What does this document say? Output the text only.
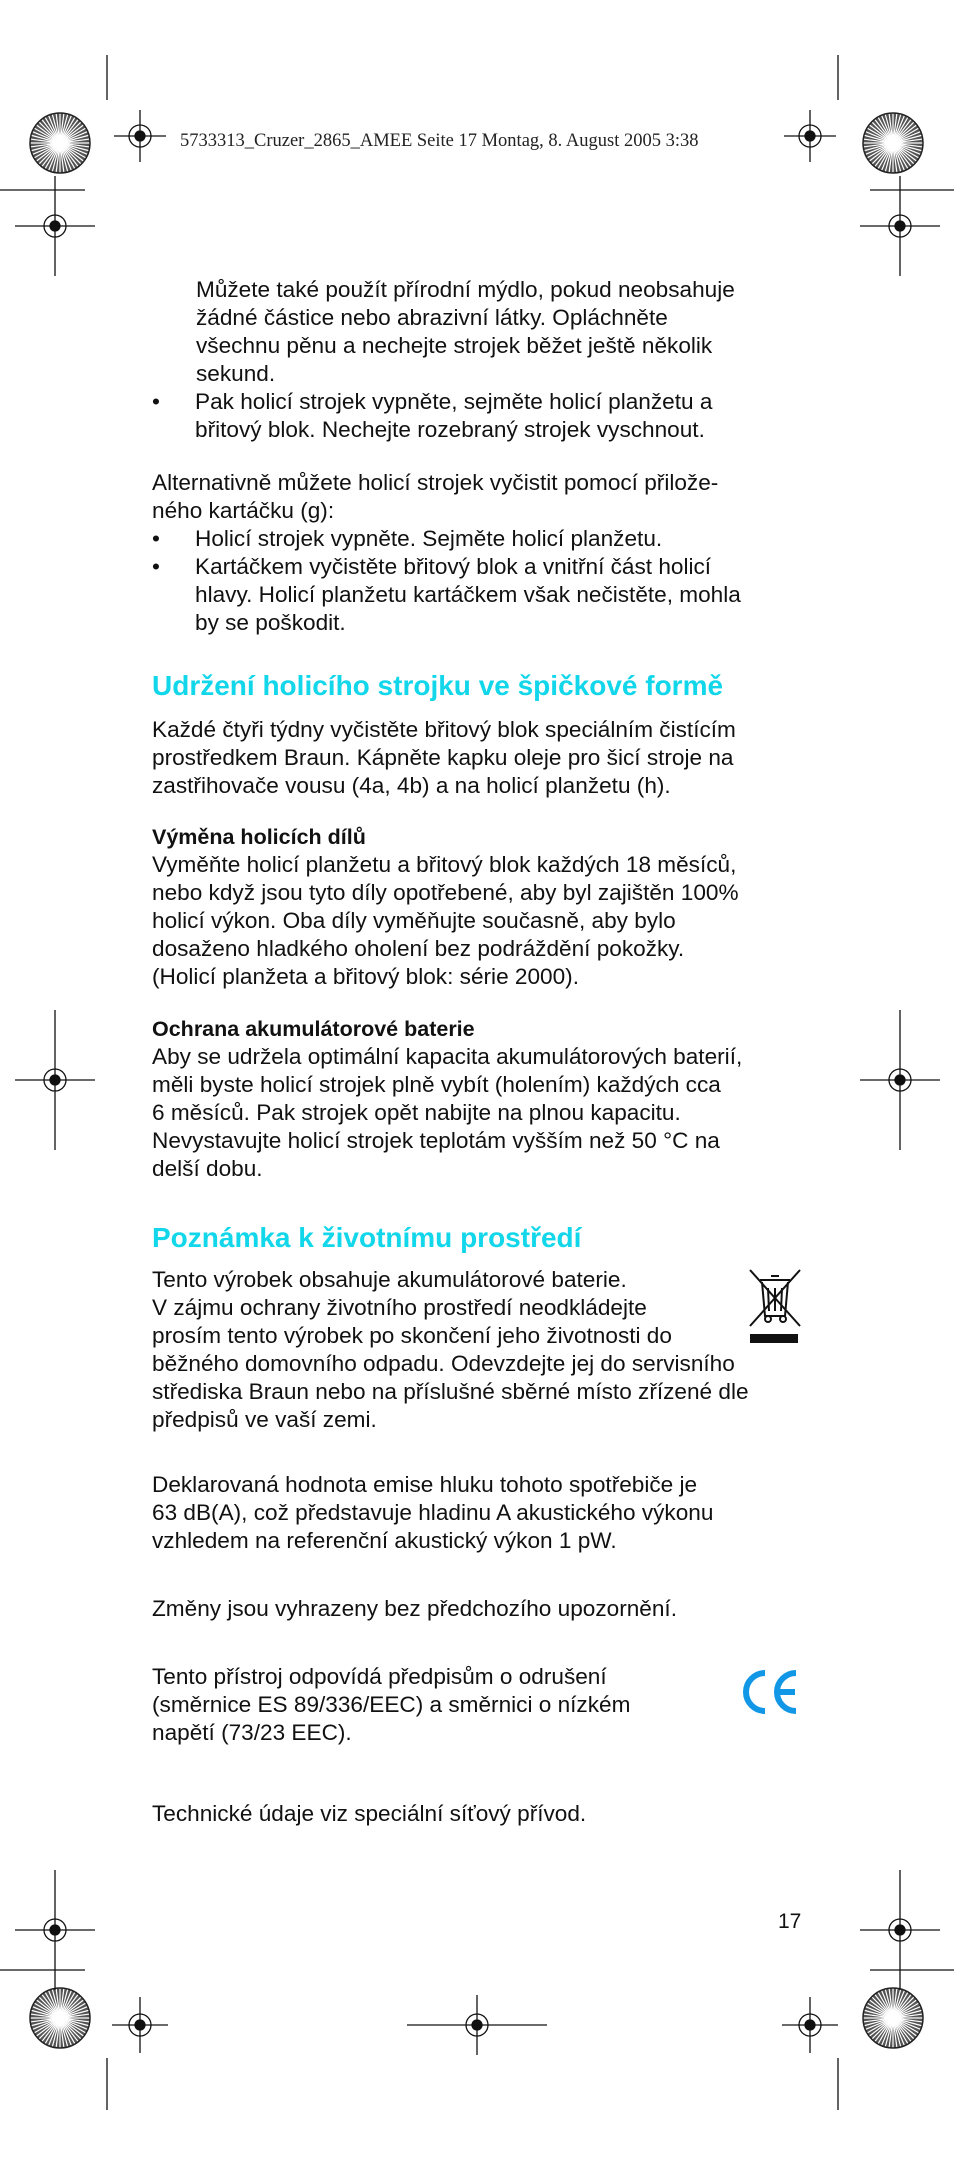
5733313_Cruzer_2865_AMEE Seite 17 Montag, 8. August 2005 3:38
Můžete také použít přírodní mýdlo, pokud neobsahuje
žádné částice nebo abrazivní látky. Opláchněte
všechnu pěnu a nechejte strojek běžet ještě několik
sekund.
• Pak holicí strojek vypněte, sejměte holicí planžetu a
břitový blok. Nechejte rozebraný strojek vyschnout.
Alternativně můžete holicí strojek vyčistit pomocí přilože-
ného kartáčku (g):
• Holicí strojek vypněte. Sejměte holicí planžetu.
• Kartáčkem vyčistěte břitový blok a vnitřní část holicí
hlavy. Holicí planžetu kartáčkem však nečistěte, mohla
by se poškodit.
Udržení holicího strojku ve špičkové formě
Každé čtyři týdny vyčistěte břitový blok speciálním čistícím
prostředkem Braun. Kápněte kapku oleje pro šicí stroje na
zastřihovače vousu (4a, 4b) a na holicí planžetu (h).
Výměna holicích dílů
Vyměňte holicí planžetu a břitový blok každých 18 měsíců,
nebo když jsou tyto díly opotřebené, aby byl zajištěn 100%
holicí výkon. Oba díly vyměňujte současně, aby bylo
dosaženo hladkého oholení bez podráždění pokožky.
(Holicí planžeta a břitový blok: série 2000).
Ochrana akumulátorové baterie
Aby se udržela optimální kapacita akumulátorových baterií,
měli byste holicí strojek plně vybít (holením) každých cca
6 měsíců. Pak strojek opět nabijte na plnou kapacitu.
Nevystavujte holicí strojek teplotám vyšším než 50 °C na
delší dobu.
Poznámka k životnímu prostředí
Tento výrobek obsahuje akumulátorové baterie.
V zájmu ochrany životního prostředí neodkládejte
prosím tento výrobek po skončení jeho životnosti do
běžného domovního odpadu. Odevzdejte jej do servisního
střediska Braun nebo na příslušné sběrné místo zřízené dle
předpisů ve vaší zemi.
Deklarovaná hodnota emise hluku tohoto spotřebiče je
63 dB(A), což představuje hladinu A akustického výkonu
vzhledem na referenční akustický výkon 1 pW.
Změny jsou vyhrazeny bez předchozího upozornění.
Tento přístroj odpovídá předpisům o odrušení
(směrnice ES 89/336/EEC) a směrnici o nízkém
napětí (73/23 EEC).
Technické údaje viz speciální síťový přívod.
17
